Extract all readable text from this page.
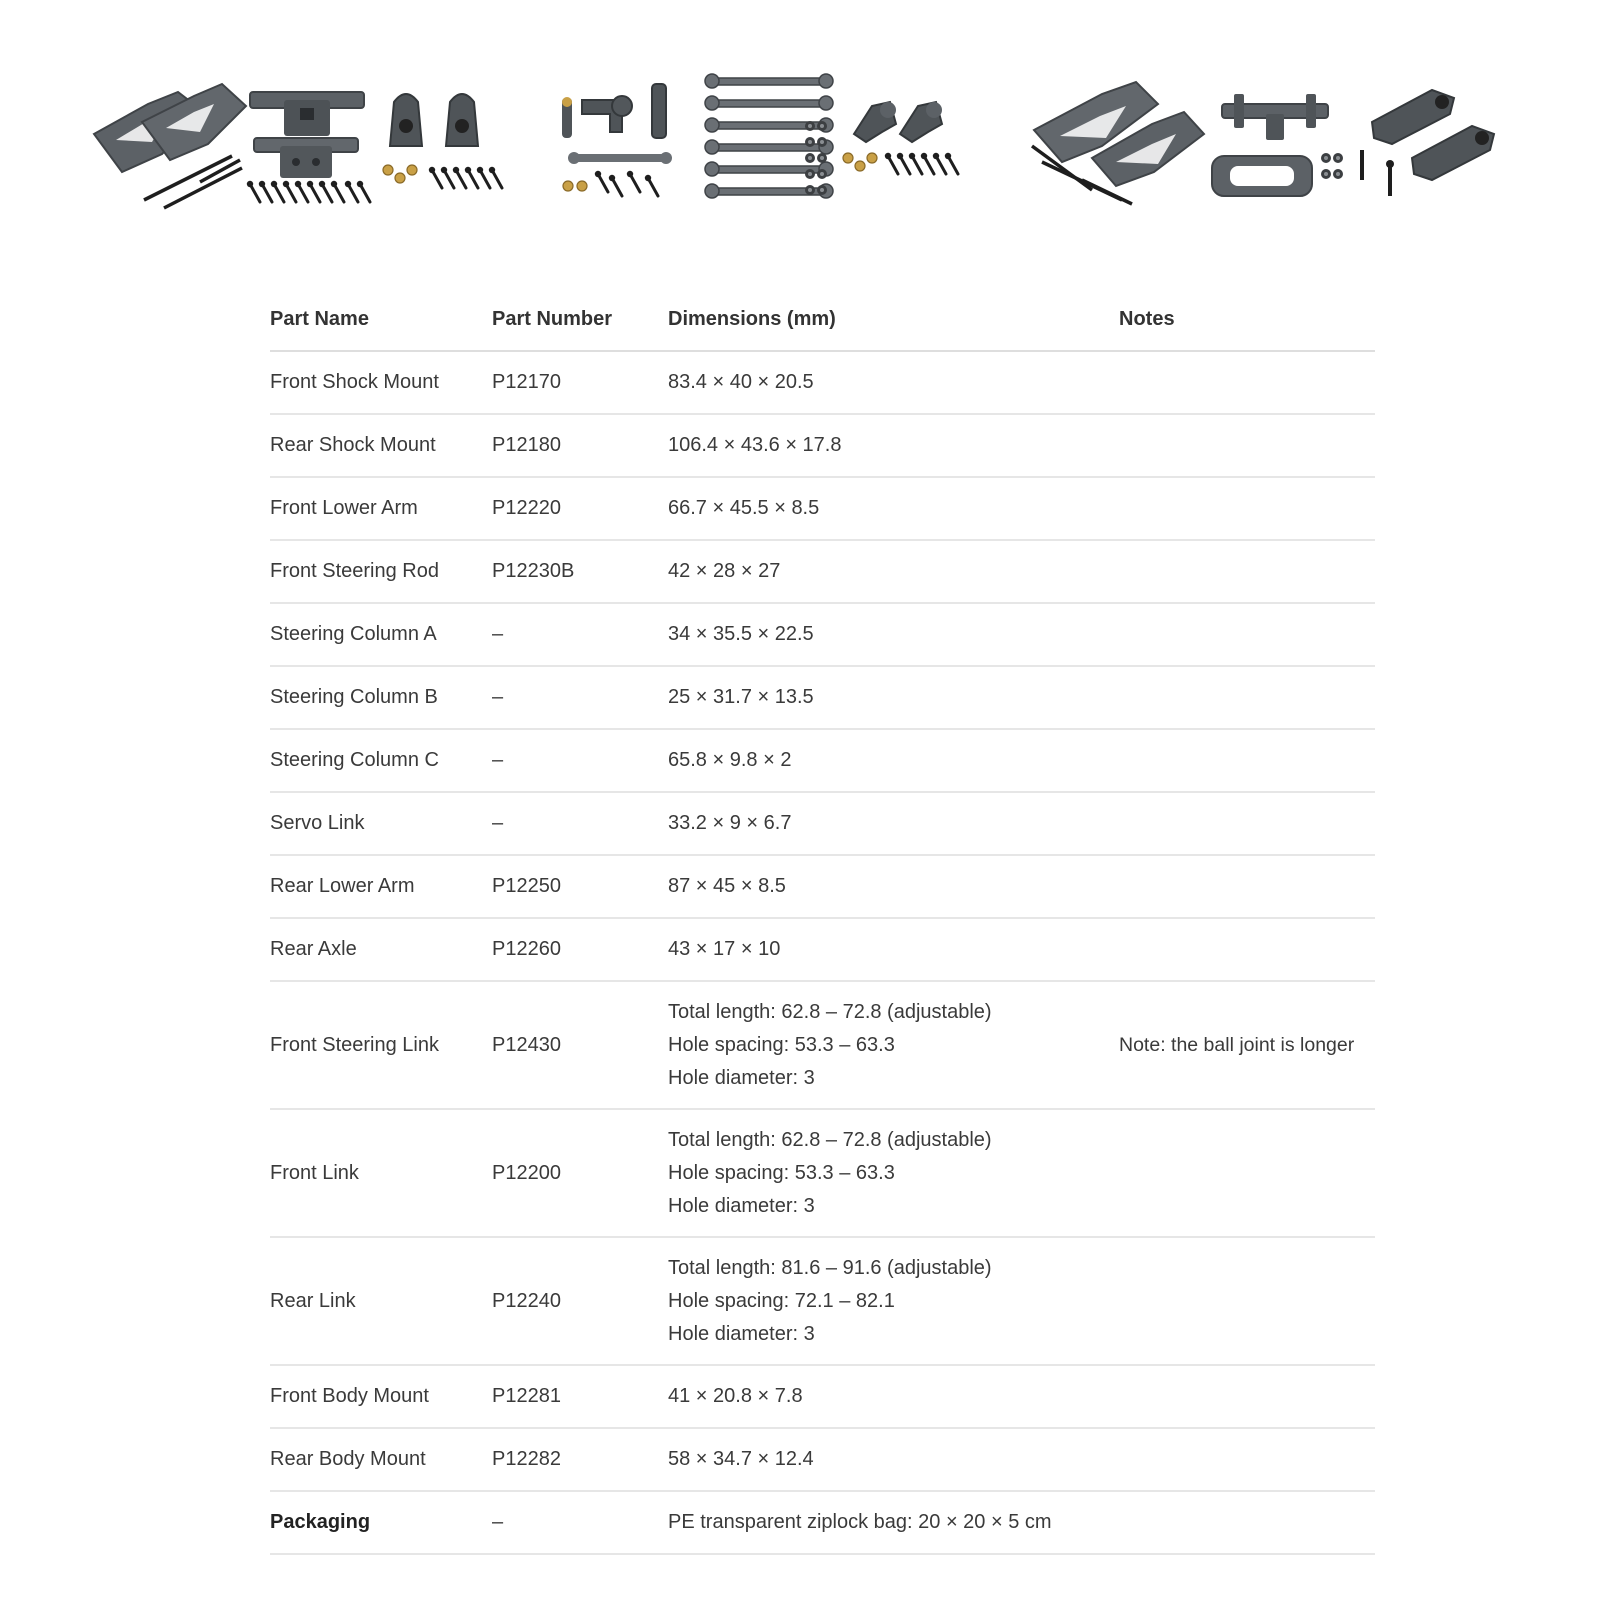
Part Name	Part Number	Dimensions (mm)	Notes
Front Shock Mount	P12170	83.4 × 40 × 20.5	

Rear Shock Mount	P12180	106.4 × 43.6 × 17.8	

Front Lower Arm	P12220	66.7 × 45.5 × 8.5	

Front Steering Rod	P12230B	42 × 28 × 27	

Steering Column A	–	34 × 35.5 × 22.5	

Steering Column B	–	25 × 31.7 × 13.5	

Steering Column C	–	65.8 × 9.8 × 2	

Servo Link	–	33.2 × 9 × 6.7	

Rear Lower Arm	P12250	87 × 45 × 8.5	

Rear Axle	P12260	43 × 17 × 10	

Front Steering Link	P12430	Total length: 62.8 – 72.8 (adjustable)
Hole spacing: 53.3 – 63.3
Hole diameter: 3	Note: the ball joint is longer
Front Link	P12200	Total length: 62.8 – 72.8 (adjustable)
Hole spacing: 53.3 – 63.3
Hole diameter: 3	

Rear Link	P12240	Total length: 81.6 – 91.6 (adjustable)
Hole spacing: 72.1 – 82.1
Hole diameter: 3	

Front Body Mount	P12281	41 × 20.8 × 7.8	

Rear Body Mount	P12282	58 × 34.7 × 12.4	

Packaging	–	PE transparent ziplock bag: 20 × 20 × 5 cm	
